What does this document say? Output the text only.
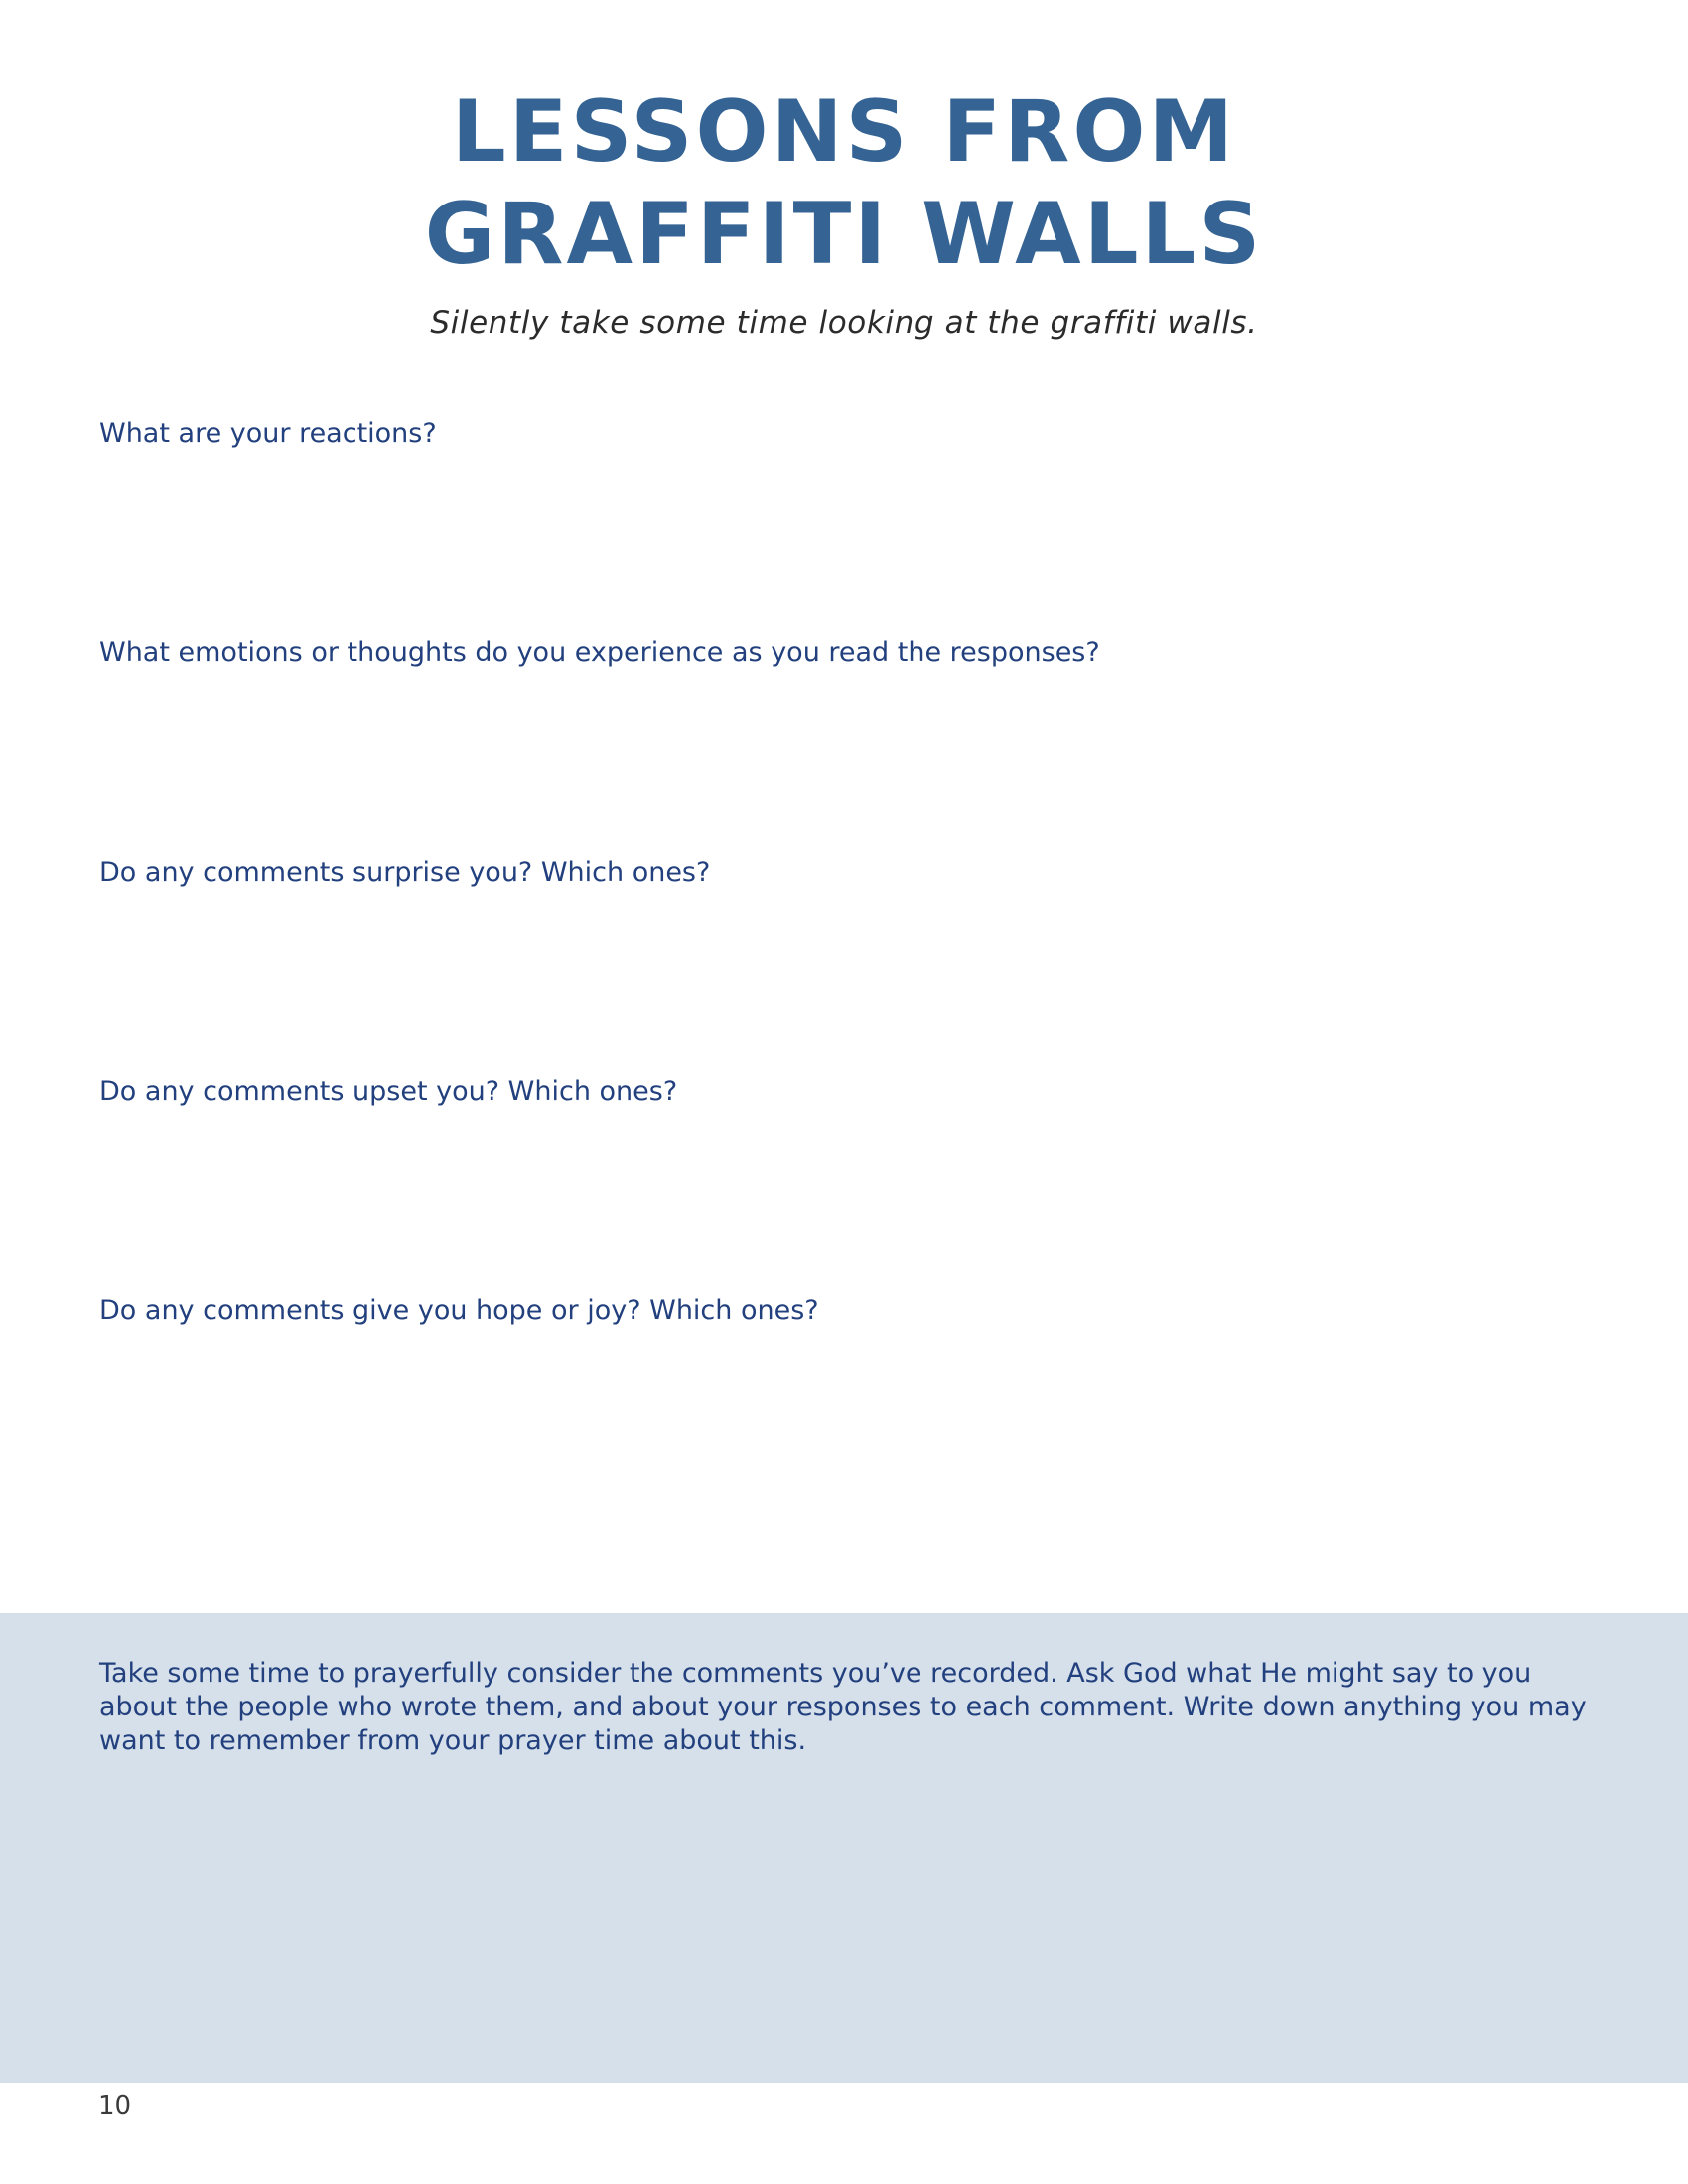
LESSONS FROM
GRAFFITI WALLS
Silently take some time looking at the graffiti walls.
What are your reactions?
What emotions or thoughts do you experience as you read the responses?
Do any comments surprise you? Which ones?
Do any comments upset you? Which ones?
Do any comments give you hope or joy? Which ones?

Take some time to prayerfully consider the comments you’ve recorded. Ask God what He might say to you about the people who wrote them, and about your responses to each comment. Write down anything you may want to remember from your prayer time about this.

10
